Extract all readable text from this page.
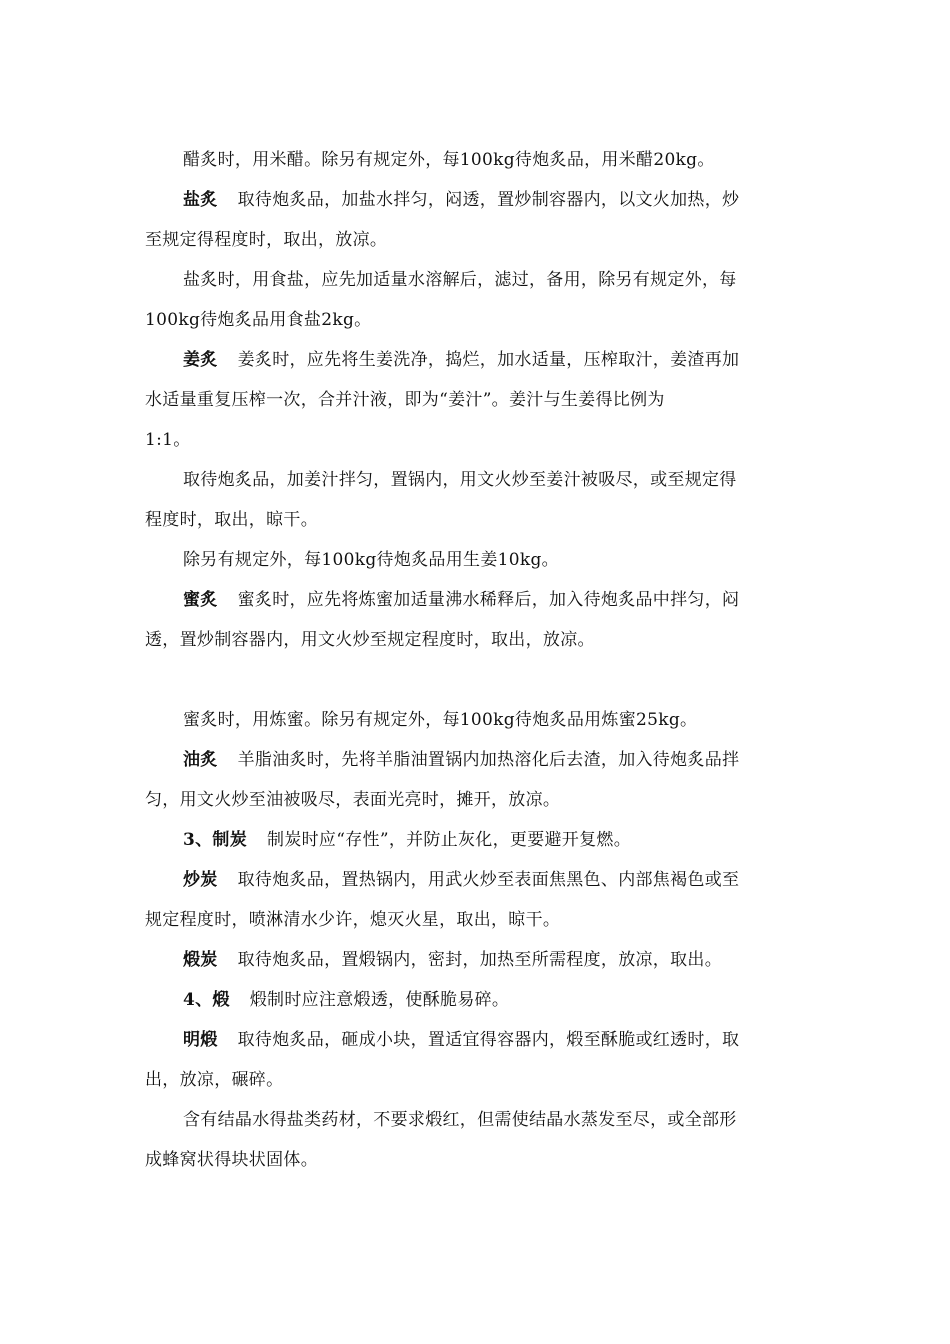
醋炙时，用米醋。除另有规定外，每100kg待炮炙品，用米醋20kg。
盐炙 取待炮炙品，加盐水拌匀，闷透，置炒制容器内，以文火加热，炒
至规定得程度时，取出，放凉。
盐炙时，用食盐，应先加适量水溶解后，滤过，备用，除另有规定外，每
100kg待炮炙品用食盐2kg。
姜炙 姜炙时，应先将生姜洗净，捣烂，加水适量，压榨取汁，姜渣再加
水适量重复压榨一次，合并汁液，即为“姜汁”。姜汁与生姜得比例为
1:1。
取待炮炙品，加姜汁拌匀，置锅内，用文火炒至姜汁被吸尽，或至规定得
程度时，取出，晾干。
除另有规定外，每100kg待炮炙品用生姜10kg。
蜜炙 蜜炙时，应先将炼蜜加适量沸水稀释后，加入待炮炙品中拌匀，闷
透，置炒制容器内，用文火炒至规定程度时，取出，放凉。
蜜炙时，用炼蜜。除另有规定外，每100kg待炮炙品用炼蜜25kg。
油炙 羊脂油炙时，先将羊脂油置锅内加热溶化后去渣，加入待炮炙品拌
匀，用文火炒至油被吸尽，表面光亮时，摊开，放凉。
3、制炭 制炭时应“存性”，并防止灰化，更要避开复燃。
炒炭 取待炮炙品，置热锅内，用武火炒至表面焦黑色、内部焦褐色或至
规定程度时，喷淋清水少许，熄灭火星，取出，晾干。
煅炭 取待炮炙品，置煅锅内，密封，加热至所需程度，放凉，取出。
4、煅 煅制时应注意煅透，使酥脆易碎。
明煅 取待炮炙品，砸成小块，置适宜得容器内，煅至酥脆或红透时，取
出，放凉，碾碎。
含有结晶水得盐类药材，不要求煅红，但需使结晶水蒸发至尽，或全部形
成蜂窝状得块状固体。
